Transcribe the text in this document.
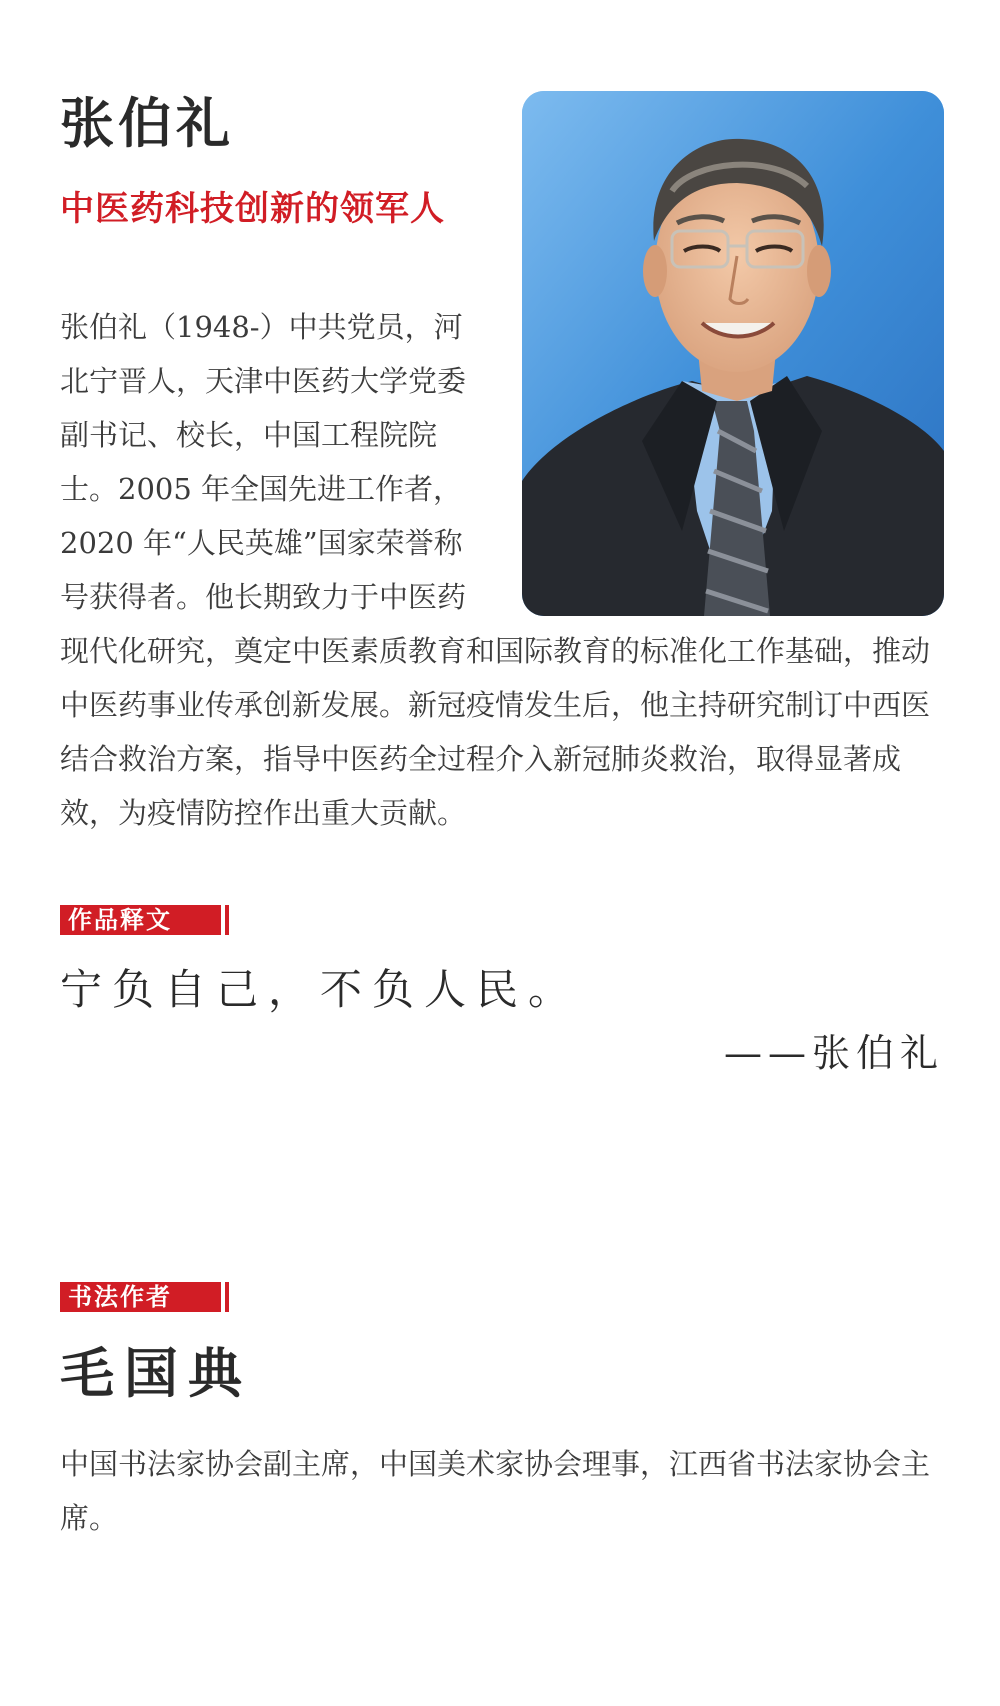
张伯礼
中医药科技创新的领军人

张伯礼（1948-）中共党员，河北宁晋人，天津中医药大学党委副书记、校长，中国工程院院士。2005 年全国先进工作者，2020 年“人民英雄”国家荣誉称号获得者。他长期致力于中医药现代化研究，奠定中医素质教育和国际教育的标准化工作基础，推动中医药事业传承创新发展。新冠疫情发生后，他主持研究制订中西医结合救治方案，指导中医药全过程介入新冠肺炎救治，取得显著成效，为疫情防控作出重大贡献。

作品释文

宁负自己，不负人民。

——张伯礼

书法作者
毛国典

中国书法家协会副主席，中国美术家协会理事，江西省书法家协会主席。
